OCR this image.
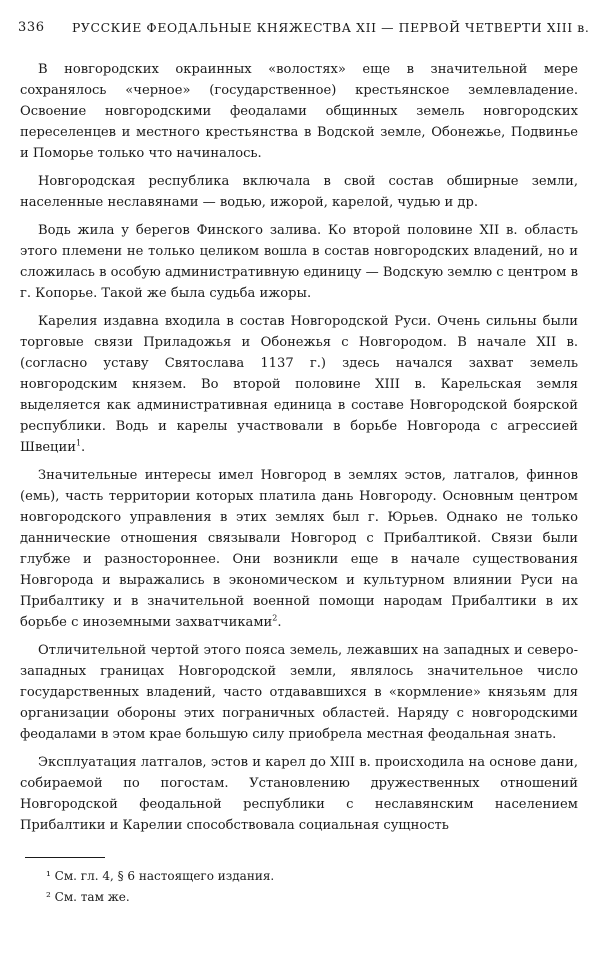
336 РУССКИЕ ФЕОДАЛЬНЫЕ КНЯЖЕСТВА XII — ПЕРВОЙ ЧЕТВЕРТИ XIII в.

В новгородских окраинных «волостях» еще в значительной мере сохранялось «черное» (государственное) крестьянское землевладение. Освоение новгородскими феодалами общинных земель новгородских переселенцев и местного крестьянства в Водской земле, Обонежье, Подвинье и Поморье только что начиналось.

Новгородская республика включала в свой состав обширные земли, населенные неславянами — водью, ижорой, карелой, чудью и др.

Водь жила у берегов Финского залива. Ко второй половине XII в. область этого племени не только целиком вошла в состав новгородских владений, но и сложилась в особую административную единицу — Водскую землю с центром в г. Копорье. Такой же была судьба ижоры.

Карелия издавна входила в состав Новгородской Руси. Очень сильны были торговые связи Приладожья и Обонежья с Новгородом. В начале XII в. (согласно уставу Святослава 1137 г.) здесь начался захват земель новгородским князем. Во второй половине XIII в. Карельская земля выделяется как административная единица в составе Новгородской боярской республики. Водь и карелы участвовали в борьбе Новгорода с агрессией Швеции$^1$.

Значительные интересы имел Новгород в землях эстов, латгалов, финнов (емь), часть территории которых платила дань Новгороду. Основным центром новгородского управления в этих землях был г. Юрьев. Однако не только даннические отношения связывали Новгород с Прибалтикой. Связи были глубже и разностороннее. Они возникли еще в начале существования Новгорода и выражались в экономическом и культурном влиянии Руси на Прибалтику и в значительной военной помощи народам Прибалтики в их борьбе с иноземными захватчиками$^2$.

Отличительной чертой этого пояса земель, лежавших на западных и северо-западных границах Новгородской земли, являлось значительное число государственных владений, часто отдававшихся в «кормление» князьям для организации обороны этих пограничных областей. Наряду с новгородскими феодалами в этом крае большую силу приобрела местная феодальная знать.

Эксплуатация латгалов, эстов и карел до XIII в. происходила на основе дани, собираемой по погостам. Установлению дружественных отношений Новгородской феодальной республики с неславянским населением Прибалтики и Карелии способствовала социальная сущность

¹ См. гл. 4, § 6 настоящего издания.

² См. там же.
